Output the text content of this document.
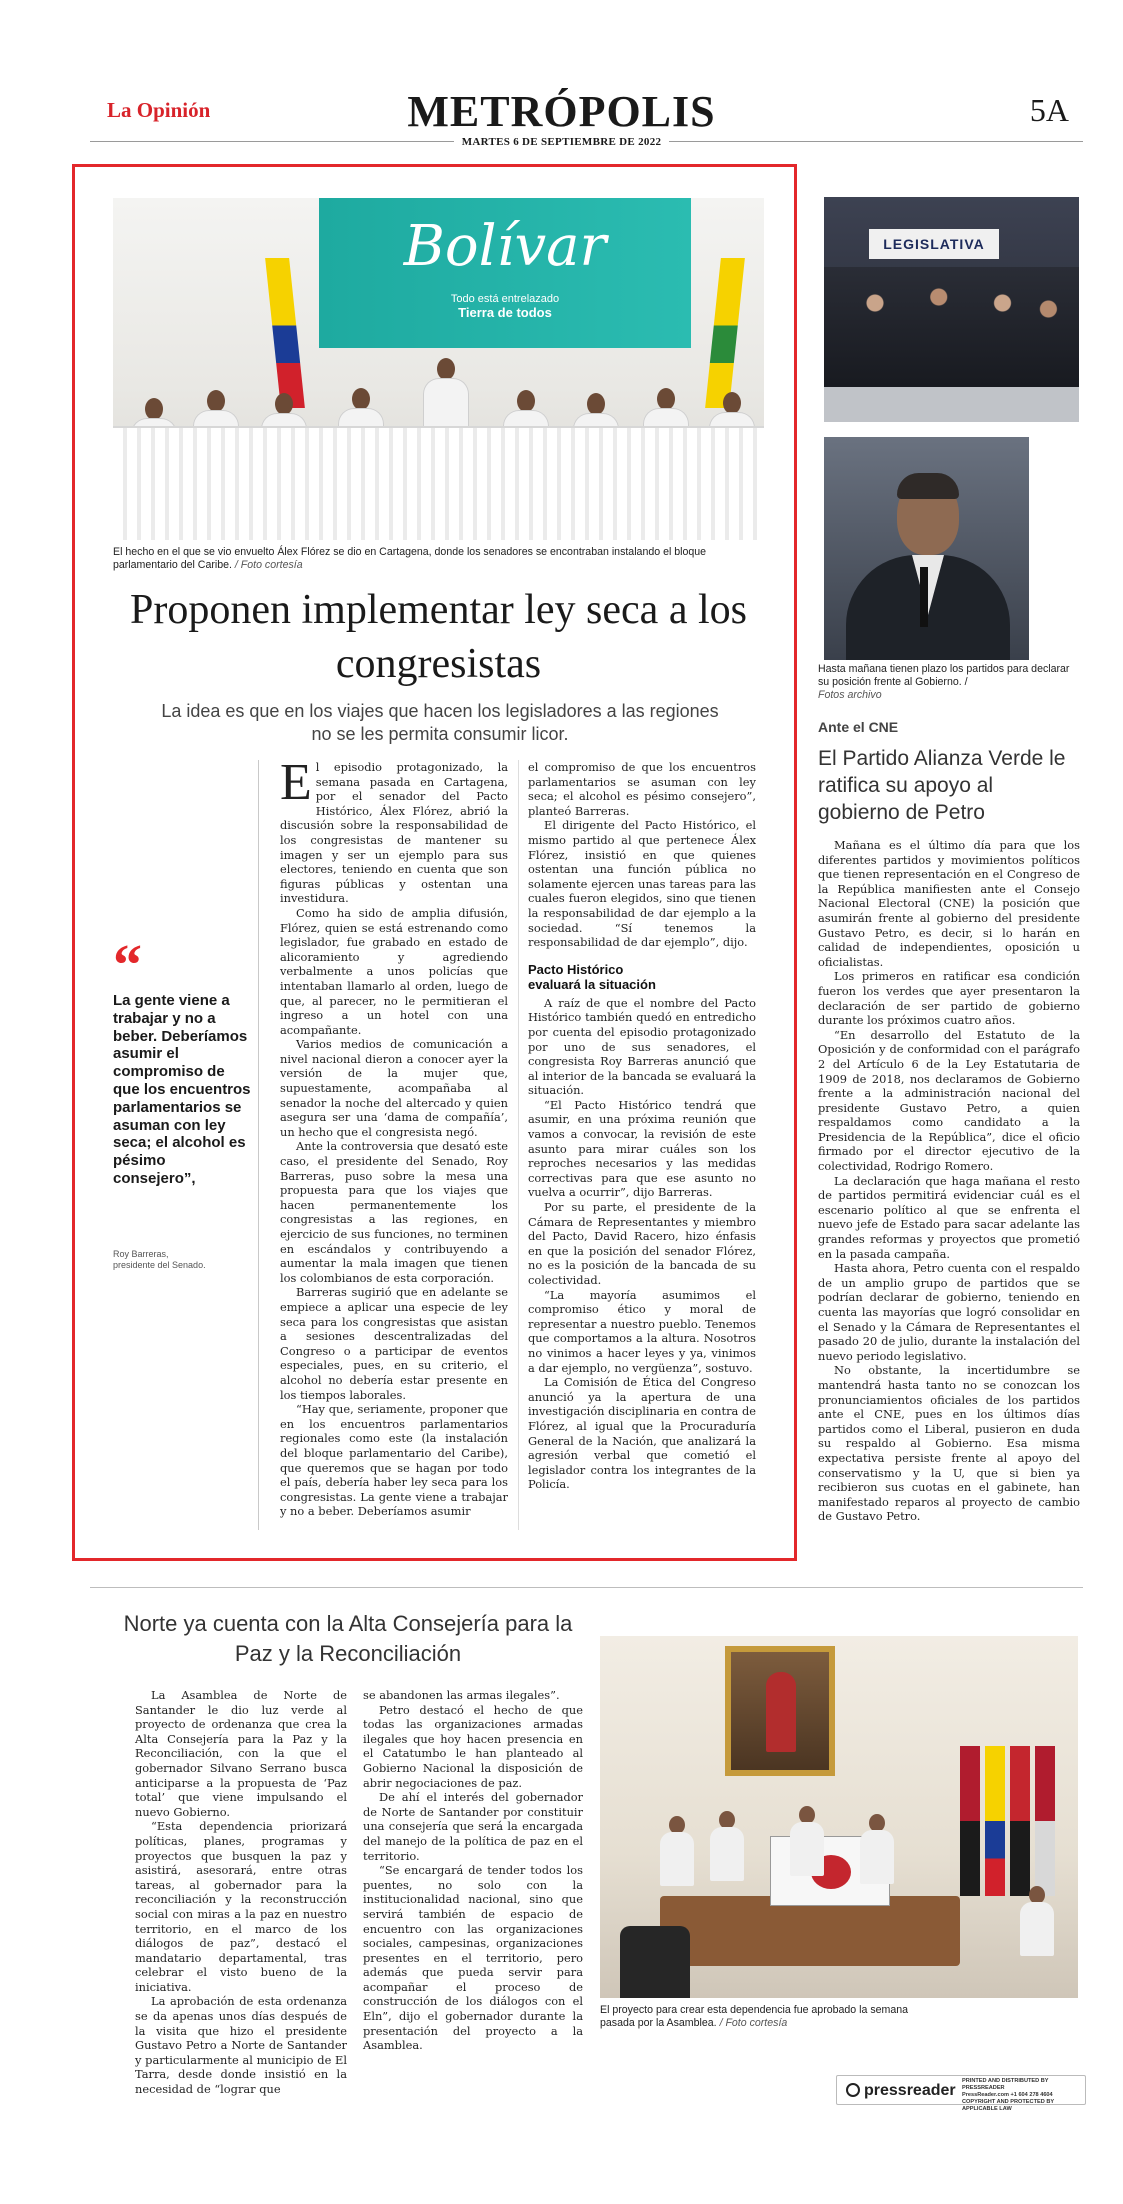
La Opinión	METRÓPOLIS	5A
MARTES 6 DE SEPTIEMBRE DE 2022
Bolívar
Todo está entrelazado
Tierra de todos
El hecho en el que se vio envuelto Álex Flórez se dio en Cartagena, donde los senadores se encontraban instalando el bloque parlamentario del Caribe. / Foto cortesía
Proponen implementar ley seca a los congresistas
La idea es que en los viajes que hacen los legisladores a las regiones no se les permita consumir licor.
“
La gente viene a trabajar y no a beber. Deberíamos asumir el compromiso de que los encuentros parlamentarios se asuman con ley seca; el alcohol es pésimo consejero”,
Roy Barreras,
presidente del Senado.

El episodio protagonizado, la semana pasada en Cartagena, por el senador del Pacto Histórico, Álex Flórez, abrió la discusión sobre la responsabilidad de los congresistas de mantener su imagen y ser un ejemplo para sus electores, teniendo en cuenta que son figuras públicas y ostentan una investidura.

Como ha sido de amplia difusión, Flórez, quien se está estrenando como legislador, fue grabado en estado de alicoramiento y agrediendo verbalmente a unos policías que intentaban llamarlo al orden, luego de que, al parecer, no le permitieran el ingreso a un hotel con una acompañante.

Varios medios de comunicación a nivel nacional dieron a conocer ayer la versión de la mujer que, supuestamente, acompañaba al senador la noche del altercado y quien asegura ser una ‘dama de compañía’, un hecho que el congresista negó.

Ante la controversia que desató este caso, el presidente del Senado, Roy Barreras, puso sobre la mesa una propuesta para que los viajes que hacen permanentemente los congresistas a las regiones, en ejercicio de sus funciones, no terminen en escándalos y contribuyendo a aumentar la mala imagen que tienen los colombianos de esta corporación.

Barreras sugirió que en adelante se empiece a aplicar una especie de ley seca para los congresistas que asistan a sesiones descentralizadas del Congreso o a participar de eventos especiales, pues, en su criterio, el alcohol no debería estar presente en los tiempos laborales.

“Hay que, seriamente, proponer que en los encuentros parlamentarios regionales como este (la instalación del bloque parlamentario del Caribe), que queremos que se hagan por todo el país, debería haber ley seca para los congresistas. La gente viene a trabajar y no a beber. Deberíamos asumir

el compromiso de que los encuentros parlamentarios se asuman con ley seca; el alcohol es pésimo consejero”, planteó Barreras.

El dirigente del Pacto Histórico, el mismo partido al que pertenece Álex Flórez, insistió en que quienes ostentan una función pública no solamente ejercen unas tareas para las cuales fueron elegidos, sino que tienen la responsabilidad de dar ejemplo a la sociedad. “Sí tenemos la responsabilidad de dar ejemplo”, dijo.

Pacto Histórico
evaluará la situación

A raíz de que el nombre del Pacto Histórico también quedó en entredicho por cuenta del episodio protagonizado por uno de sus senadores, el congresista Roy Barreras anunció que al interior de la bancada se evaluará la situación.

“El Pacto Histórico tendrá que asumir, en una próxima reunión que vamos a convocar, la revisión de este asunto para mirar cuáles son los reproches necesarios y las medidas correctivas para que ese asunto no vuelva a ocurrir”, dijo Barreras.

Por su parte, el presidente de la Cámara de Representantes y miembro del Pacto, David Racero, hizo énfasis en que la posición del senador Flórez, no es la posición de la bancada de su colectividad.

“La mayoría asumimos el compromiso ético y moral de representar a nuestro pueblo. Tenemos que comportamos a la altura. Nosotros no vinimos a hacer leyes y ya, vinimos a dar ejemplo, no vergüenza”, sostuvo.

La Comisión de Ética del Congreso anunció ya la apertura de una investigación disciplinaria en contra de Flórez, al igual que la Procuraduría General de la Nación, que analizará la agresión verbal que cometió el legislador contra los integrantes de la Policía.

LEGISLATIVA
Hasta mañana tienen plazo los partidos para declarar su posición frente al Gobierno. /
Fotos archivo
Ante el CNE
El Partido Alianza Verde le ratifica su apoyo al gobierno de Petro

Mañana es el último día para que los diferentes partidos y movimientos políticos que tienen representación en el Congreso de la República manifiesten ante el Consejo Nacional Electoral (CNE) la posición que asumirán frente al gobierno del presidente Gustavo Petro, es decir, si lo harán en calidad de independientes, oposición u oficialistas.

Los primeros en ratificar esa condición fueron los verdes que ayer presentaron la declaración de ser partido de gobierno durante los próximos cuatro años.

“En desarrollo del Estatuto de la Oposición y de conformidad con el parágrafo 2 del Artículo 6 de la Ley Estatutaria de 1909 de 2018, nos declaramos de Gobierno frente a la administración nacional del presidente Gustavo Petro, a quien respaldamos como candidato a la Presidencia de la República”, dice el oficio firmado por el director ejecutivo de la colectividad, Rodrigo Romero.

La declaración que haga mañana el resto de partidos permitirá evidenciar cuál es el escenario político al que se enfrenta el nuevo jefe de Estado para sacar adelante las grandes reformas y proyectos que prometió en la pasada campaña.

Hasta ahora, Petro cuenta con el respaldo de un amplio grupo de partidos que se podrían declarar de gobierno, teniendo en cuenta las mayorías que logró consolidar en el Senado y la Cámara de Representantes el pasado 20 de julio, durante la instalación del nuevo periodo legislativo.

No obstante, la incertidumbre se mantendrá hasta tanto no se conozcan los pronunciamientos oficiales de los partidos ante el CNE, pues en los últimos días partidos como el Liberal, pusieron en duda su respaldo al Gobierno. Esa misma expectativa persiste frente al apoyo del conservatismo y la U, que si bien ya recibieron sus cuotas en el gabinete, han manifestado reparos al proyecto de cambio de Gustavo Petro.

Norte ya cuenta con la Alta Consejería para la Paz y la Reconciliación

La Asamblea de Norte de Santander le dio luz verde al proyecto de ordenanza que crea la Alta Consejería para la Paz y la Reconciliación, con la que el gobernador Silvano Serrano busca anticiparse a la propuesta de ‘Paz total’ que viene impulsando el nuevo Gobierno.

“Esta dependencia priorizará políticas, planes, programas y proyectos que busquen la paz y asistirá, asesorará, entre otras tareas, al gobernador para la reconciliación y la reconstrucción social con miras a la paz en nuestro territorio, en el marco de los diálogos de paz”, destacó el mandatario departamental, tras celebrar el visto bueno de la iniciativa.

La aprobación de esta ordenanza se da apenas unos días después de la visita que hizo el presidente Gustavo Petro a Norte de Santander y particularmente al municipio de El Tarra, desde donde insistió en la necesidad de “lograr que

se abandonen las armas ilegales”.

Petro destacó el hecho de que todas las organizaciones armadas ilegales que hoy hacen presencia en el Catatumbo le han planteado al Gobierno Nacional la disposición de abrir negociaciones de paz.

De ahí el interés del gobernador de Norte de Santander por constituir una consejería que será la encargada del manejo de la política de paz en el territorio.

“Se encargará de tender todos los puentes, no solo con la institucionalidad nacional, sino que servirá también de espacio de encuentro con las organizaciones sociales, campesinas, organizaciones presentes en el territorio, pero además que pueda servir para acompañar el proceso de construcción de los diálogos con el Eln”, dijo el gobernador durante la presentación del proyecto a la Asamblea.

El proyecto para crear esta dependencia fue aprobado la semana pasada por la Asamblea. / Foto cortesía
pressreader
PRINTED AND DISTRIBUTED BY PRESSREADER
PressReader.com +1 604 278 4604
COPYRIGHT AND PROTECTED BY APPLICABLE LAW
